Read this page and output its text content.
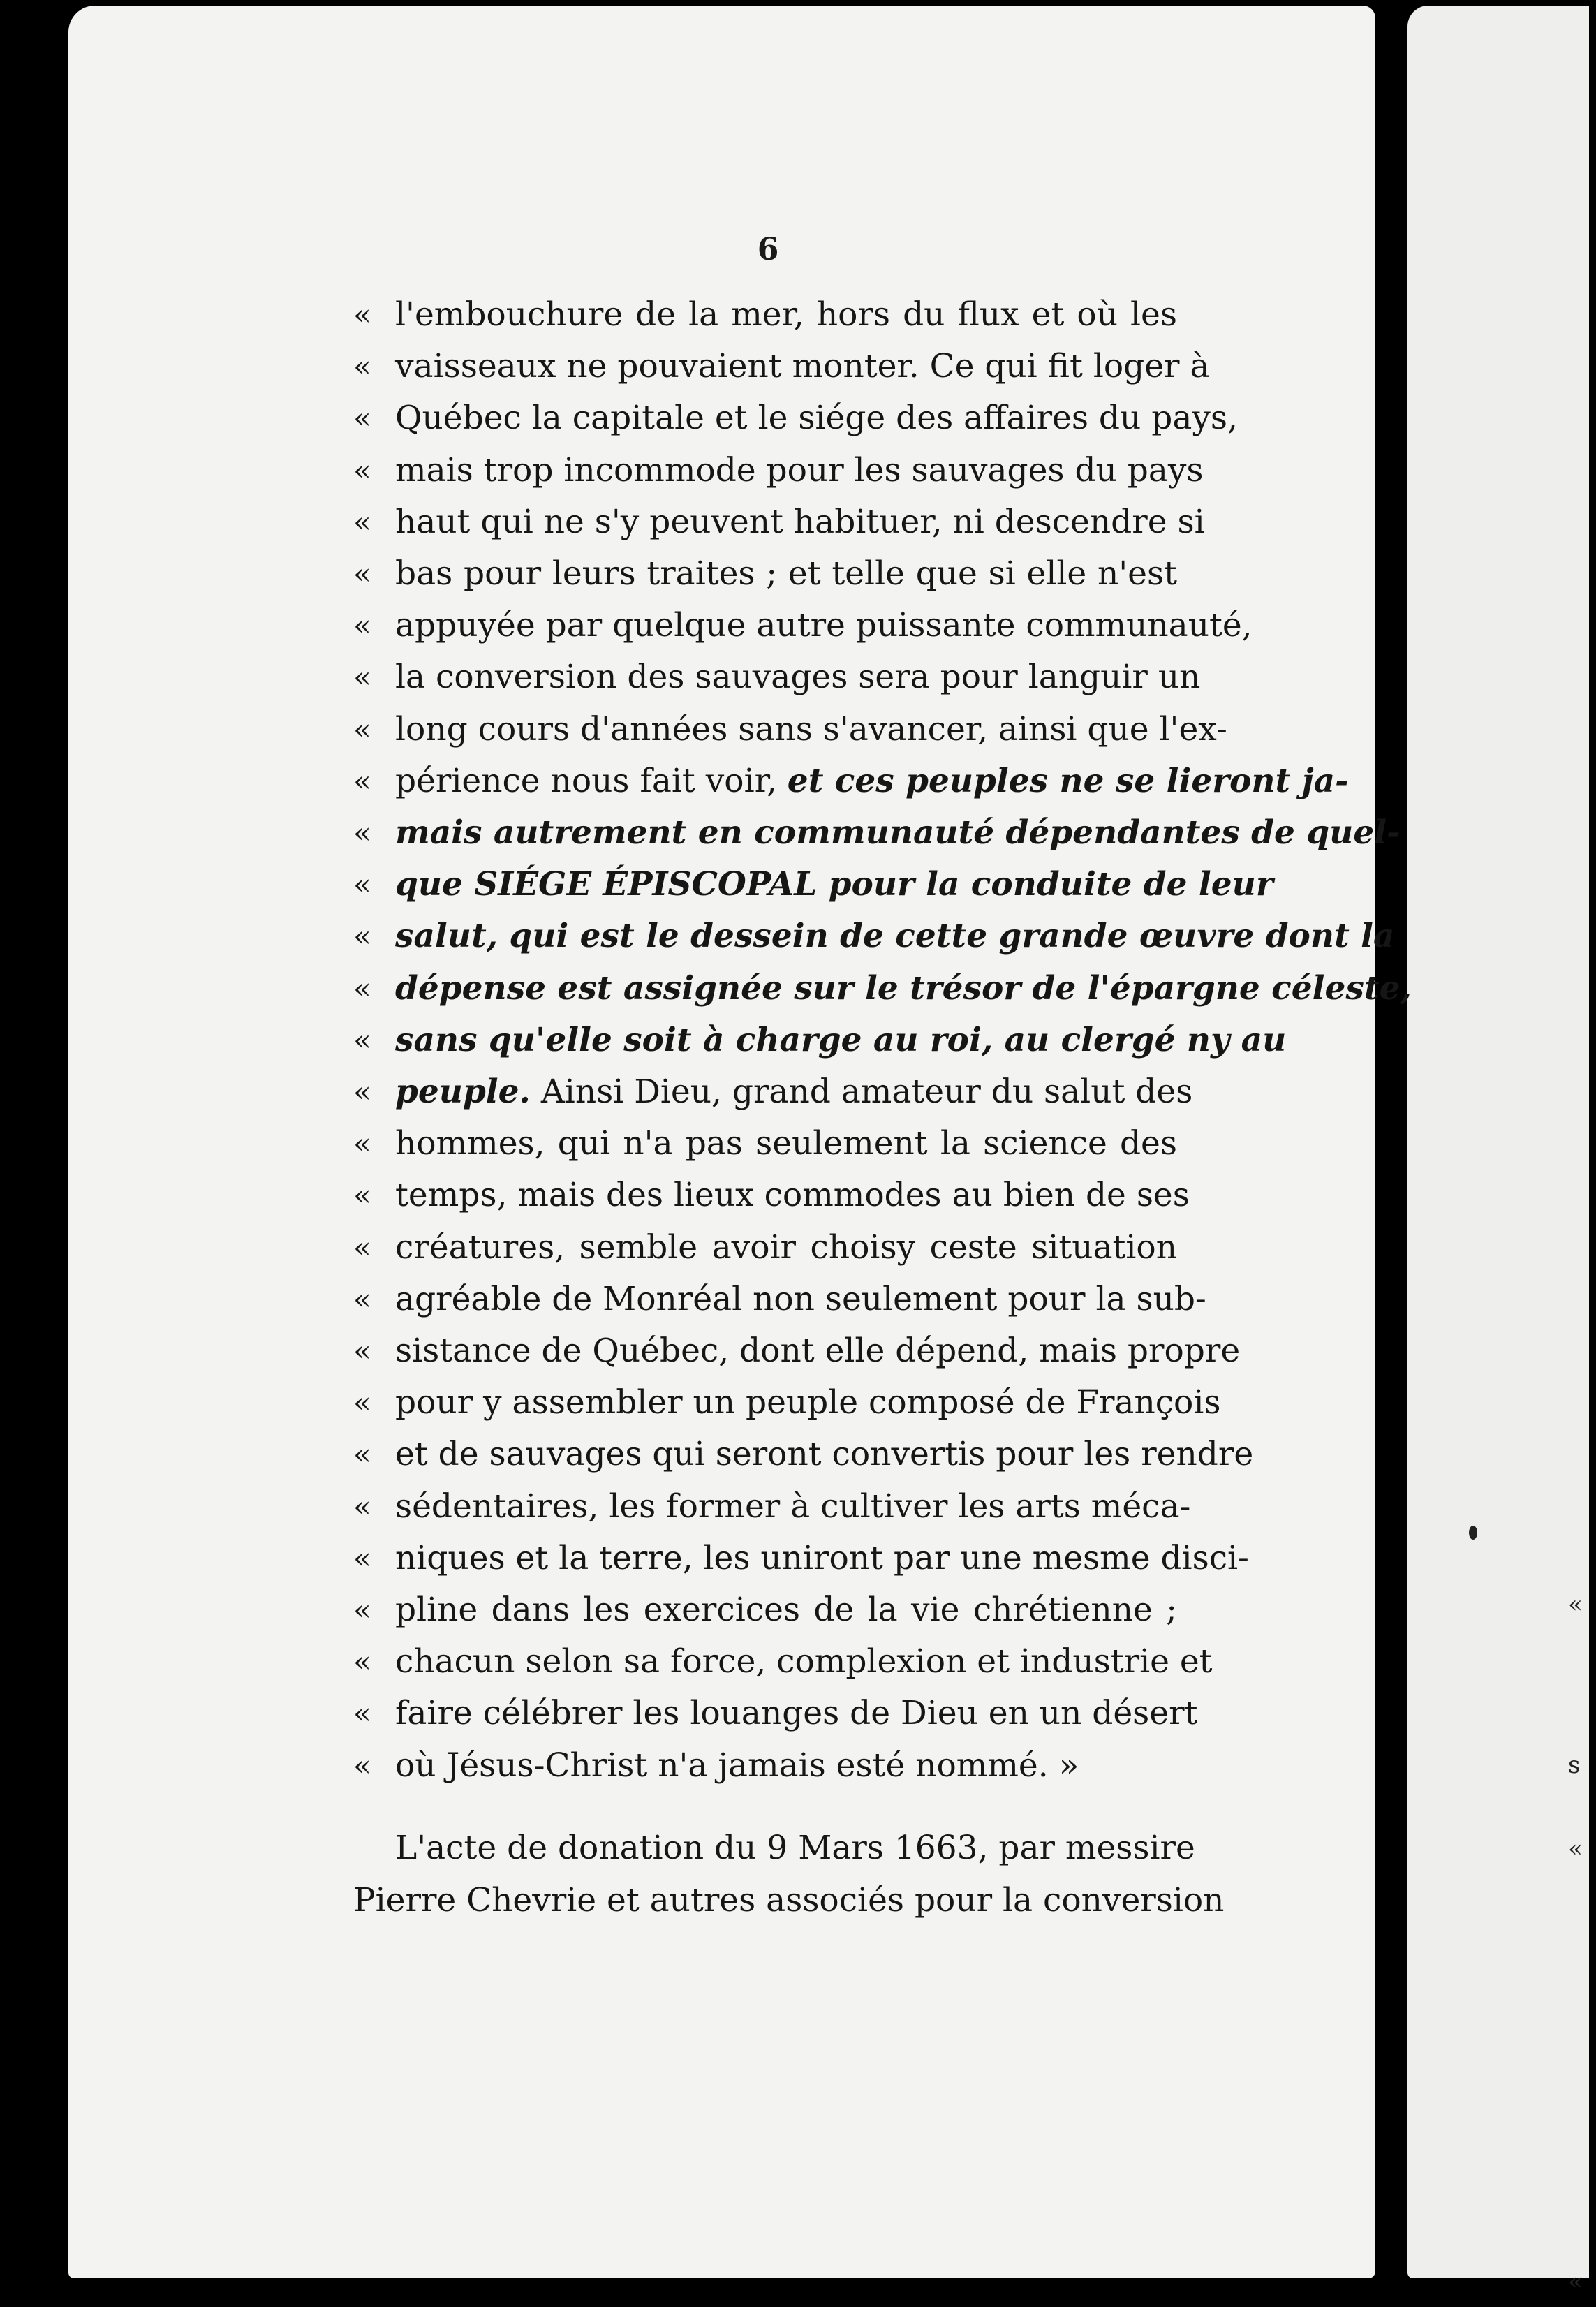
«
s
«
«
6
« l'embouchure de la mer, hors du flux et où les
« vaisseaux ne pouvaient monter. Ce qui fit loger à
« Québec la capitale et le siége des affaires du pays,
« mais trop incommode pour les sauvages du pays
« haut qui ne s'y peuvent habituer, ni descendre si
« bas pour leurs traites ; et telle que si elle n'est
« appuyée par quelque autre puissante communauté,
« la conversion des sauvages sera pour languir un
« long cours d'années sans s'avancer, ainsi que l'ex-
« périence nous fait voir, et ces peuples ne se lieront ja-
« mais autrement en communauté dépendantes de quel-
« que SIÉGE ÉPISCOPAL pour la conduite de leur
« salut, qui est le dessein de cette grande œuvre dont la
« dépense est assignée sur le trésor de l'épargne céleste,
« sans qu'elle soit à charge au roi, au clergé ny au
« peuple. Ainsi Dieu, grand amateur du salut des
« hommes, qui n'a pas seulement la science des
« temps, mais des lieux commodes au bien de ses
« créatures, semble avoir choisy ceste situation
« agréable de Monréal non seulement pour la sub-
« sistance de Québec, dont elle dépend, mais propre
« pour y assembler un peuple composé de François
« et de sauvages qui seront convertis pour les rendre
« sédentaires, les former à cultiver les arts méca-
« niques et la terre, les uniront par une mesme disci-
« pline dans les exercices de la vie chrétienne ;
« chacun selon sa force, complexion et industrie et
« faire célébrer les louanges de Dieu en un désert
« où Jésus-Christ n'a jamais esté nommé. »
L'acte de donation du 9 Mars 1663, par messire
Pierre Chevrie et autres associés pour la conversion
